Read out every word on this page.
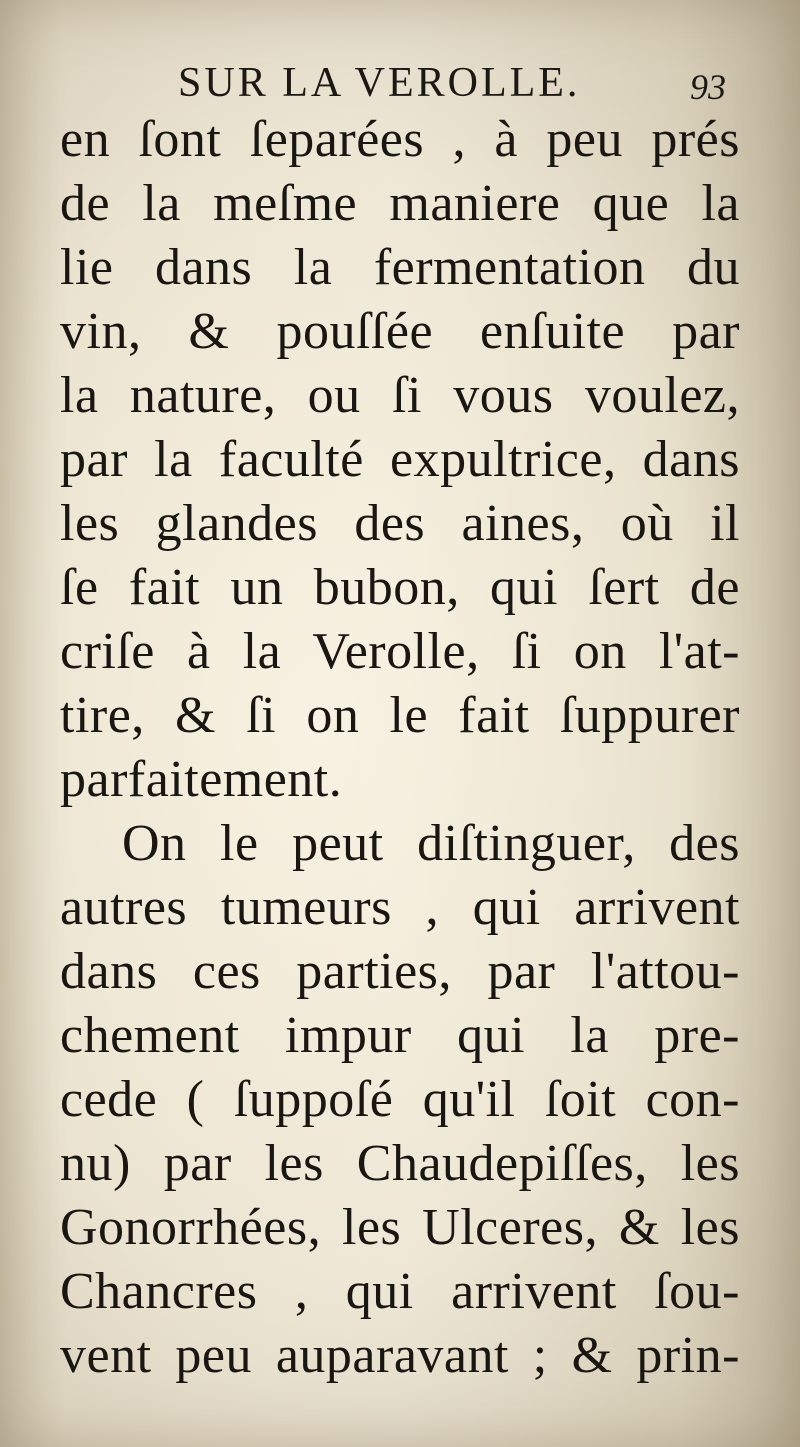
SUR LA VEROLLE.	93
en ſont ſeparées , à peu prés
de la meſme maniere que la
lie dans la fermentation du
vin, & pouſſée enſuite par
la nature, ou ſi vous voulez,
par la faculté expultrice, dans
les glandes des aines, où il
ſe fait un bubon, qui ſert de
criſe à la Verolle, ſi on l'at-
tire, & ſi on le fait ſuppurer
parfaitement.
On le peut diſtinguer, des
autres tumeurs , qui arrivent
dans ces parties, par l'attou-
chement impur qui la pre-
cede ( ſuppoſé qu'il ſoit con-
nu) par les Chaudepiſſes, les
Gonorrhées, les Ulceres, & les
Chancres , qui arrivent ſou-
vent peu auparavant ; & prin-
